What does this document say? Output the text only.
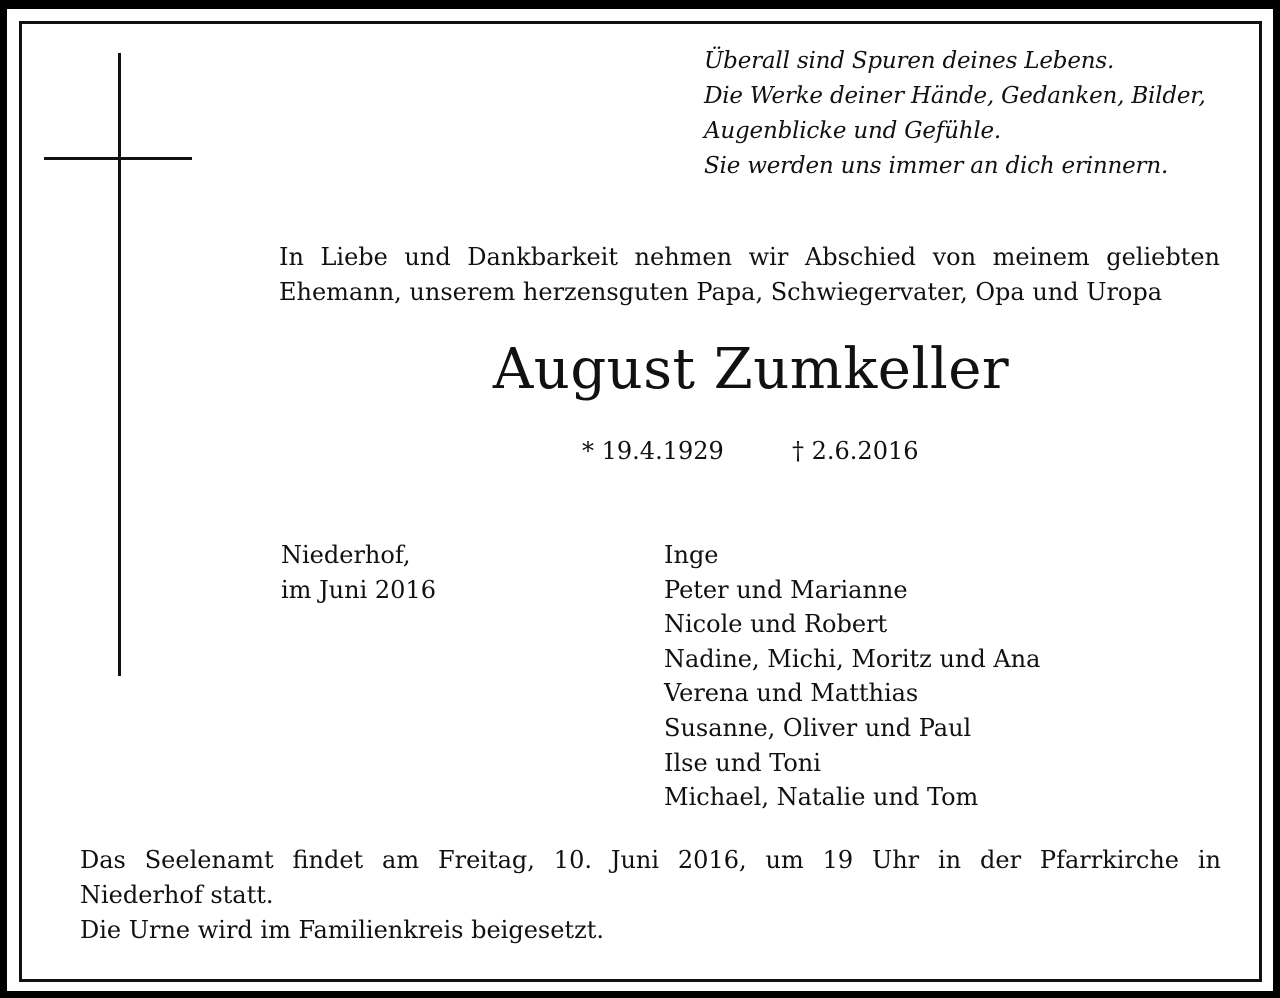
Überall sind Spuren deines Lebens.
Die Werke deiner Hände, Gedanken, Bilder,
Augenblicke und Gefühle.
Sie werden uns immer an dich erinnern.
In Liebe und Dankbarkeit nehmen wir Abschied von meinem geliebten
Ehemann, unserem herzensguten Papa, Schwiegervater, Opa und Uropa
August Zumkeller
* 19.4.1929	† 2.6.2016
Niederhof,
im Juni 2016
Inge
Peter und Marianne
Nicole und Robert
Nadine, Michi, Moritz und Ana
Verena und Matthias
Susanne, Oliver und Paul
Ilse und Toni
Michael, Natalie und Tom
Das Seelenamt findet am Freitag, 10. Juni 2016, um 19 Uhr in der Pfarrkirche in
Niederhof statt.
Die Urne wird im Familienkreis beigesetzt.
